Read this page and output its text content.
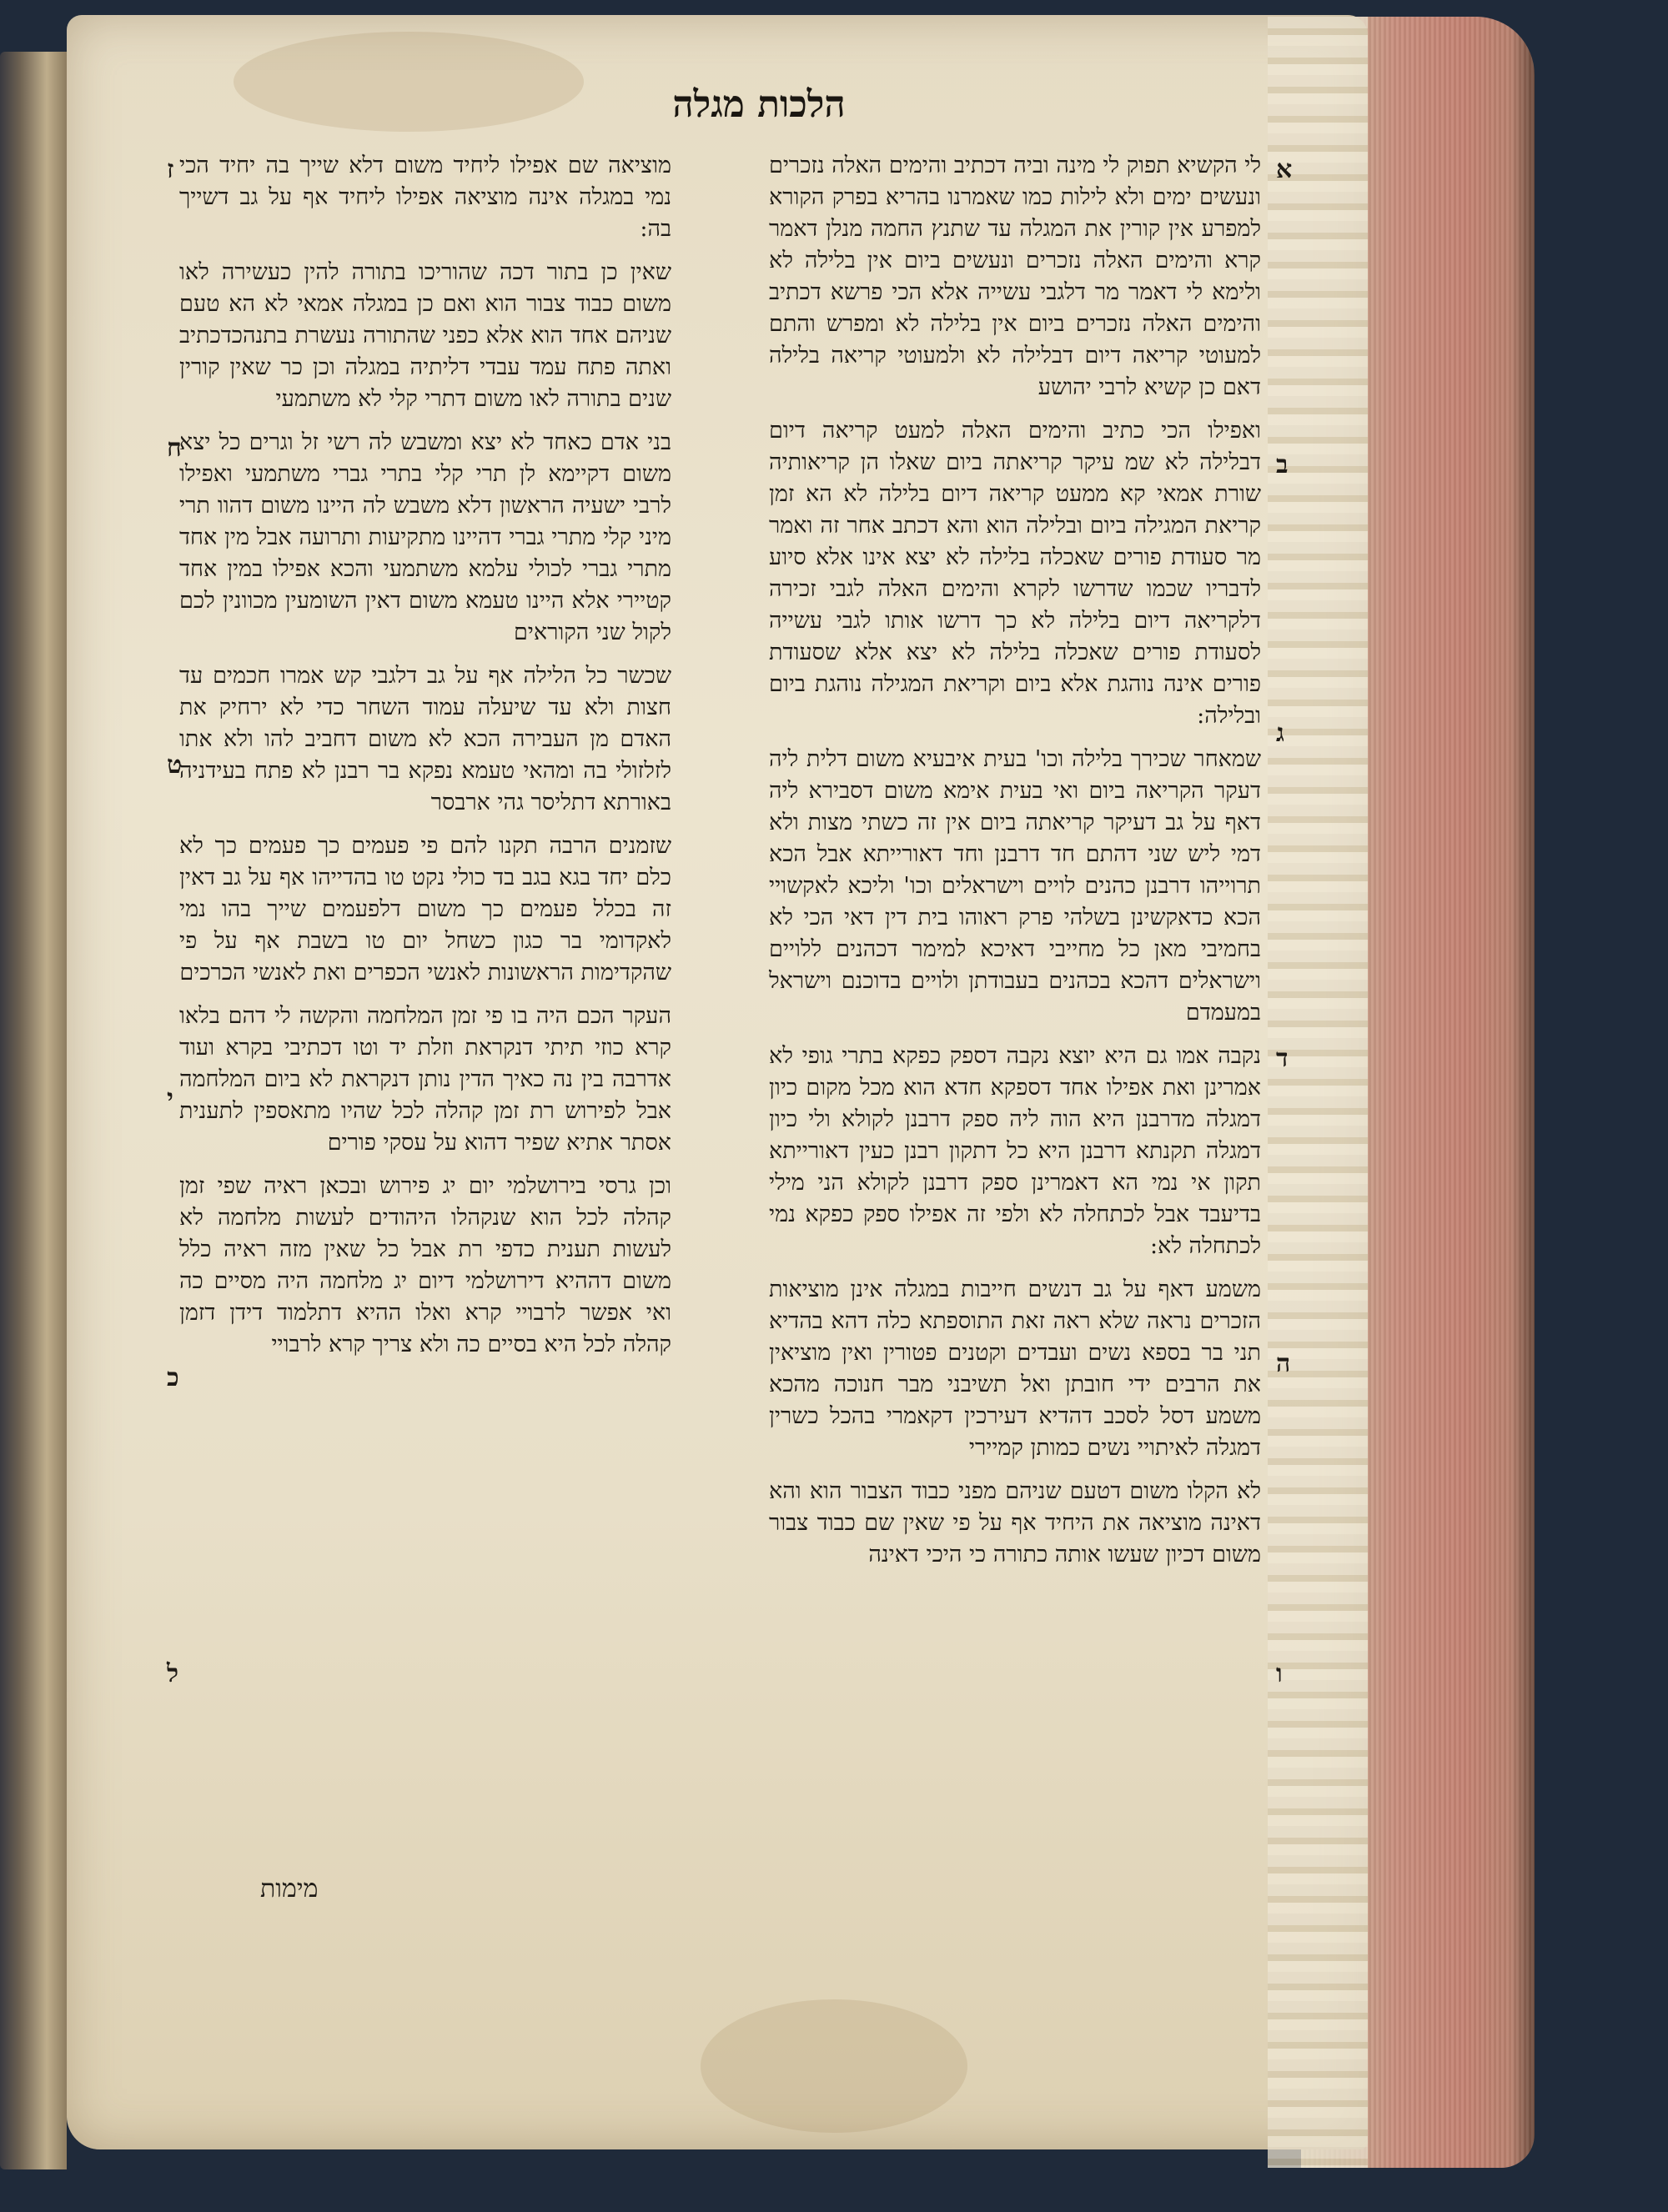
הלכות מגלה

לי הקשיא תפוק לי מינה וביה דכתיב והימים האלה נזכרים ונעשים ימים ולא לילות כמו שאמרנו בהריא בפרק הקורא למפרע אין קורין את המגלה עד שתנץ החמה מנלן דאמר קרא והימים האלה נזכרים ונעשים ביום אין בלילה לא ולימא לי דאמר מר דלגבי עשייה אלא הכי פרשא דכתיב והימים האלה נזכרים ביום אין בלילה לא ומפרש והתם למעוטי קריאה דיום דבלילה לא ולמעוטי קריאה בלילה דאם כן קשיא לרבי יהושע

ואפילו הכי כתיב והימים האלה למעט קריאה דיום דבלילה לא שמ עיקר קריאתה ביום שאלו הן קריאותיה שורת אמאי קא ממעט קריאה דיום בלילה לא הא זמן קריאת המגילה ביום ובלילה הוא והא דכתב אחר זה ואמר מר סעודת פורים שאכלה בלילה לא יצא אינו אלא סיוע לדבריו שכמו שדרשו לקרא והימים האלה לגבי זכירה דלקריאה דיום בלילה לא כך דרשו אותו לגבי עשייה לסעודת פורים שאכלה בלילה לא יצא אלא שסעודת פורים אינה נוהגת אלא ביום וקריאת המגילה נוהגת ביום ובלילה:

שמאחר שכירך בלילה וכו' בעית איבעיא משום דלית ליה דעקר הקריאה ביום ואי בעית אימא משום דסבירא ליה דאף על גב דעיקר קריאתה ביום אין זה כשתי מצות ולא דמי ליש שני דהתם חד דרבנן וחד דאורייתא אבל הכא תרוייהו דרבנן כהנים לויים וישראלים וכו' וליכא לאקשויי הכא כדאקשינן בשלהי פרק ראוהו בית דין דאי הכי לא בחמיבי מאן כל מחייבי דאיכא למימר דכהנים ללויים וישראלים דהכא בכהנים בעבודתן ולויים בדוכנם וישראל במעמדם

נקבה אמו גם היא יוצא נקבה דספק כפקא בתרי גופי לא אמרינן ואת אפילו אחד דספקא חדא הוא מכל מקום כיון דמגלה מדרבנן היא הוה ליה ספק דרבנן לקולא ולי כיון דמגלה תקנתא דרבנן היא כל דתקון רבנן כעין דאורייתא תקון אי נמי הא דאמרינן ספק דרבנן לקולא הני מילי בדיעבד אבל לכתחלה לא ולפי זה אפילו ספק כפקא נמי לכתחלה לא:

משמע דאף על גב דנשים חייבות במגלה אינן מוציאות הזכרים נראה שלא ראה זאת התוספתא כלה דהא בהדיא תני בר בספא נשים ועבדים וקטנים פטורין ואין מוציאין את הרבים ידי חובתן ואל תשיבני מבר חנוכה מהכא משמע דסל לסכב דהדיא דעירכין דקאמרי בהכל כשרין דמגלה לאיתויי נשים כמותן קמיירי

לא הקלו משום דטעם שניהם מפני כבוד הצבור הוא והא דאינה מוציאה את היחיד אף על פי שאין שם כבוד צבור משום דכיון שעשו אותה כתורה כי היכי דאינה

מוציאה שם אפילו ליחיד משום דלא שייך בה יחיד הכי נמי במגלה אינה מוציאה אפילו ליחיד אף על גב דשייך בה:

שאין כן בתור דכה שהוריכו בתורה להין כעשירה לאו משום כבוד צבור הוא ואם כן במגלה אמאי לא הא טעם שניהם אחד הוא אלא כפני שהתורה נעשרת בתנהכדכתיב ואתה פתח עמד עבדי דליתיה במגלה וכן כר שאין קורין שנים בתורה לאו משום דתרי קלי לא משתמעי

בני אדם כאחד לא יצא ומשבש לה רשי זל וגרים כל יצא משום דקיימא לן תרי קלי בתרי גברי משתמעי ואפילו לרבי ישעיה הראשון דלא משבש לה היינו משום דהוו תרי מיני קלי מתרי גברי דהיינו מתקיעות ותרועה אבל מין אחד מתרי גברי לכולי עלמא משתמעי והכא אפילו במין אחד קטיירי אלא היינו טעמא משום דאין השומעין מכוונין לכם לקול שני הקוראים

שכשר כל הלילה אף על גב דלגבי קש אמרו חכמים עד חצות ולא עד שיעלה עמוד השחר כדי לא ירחיק את האדם מן העבירה הכא לא משום דחביב להו ולא אתו לזלזולי בה ומהאי טעמא נפקא בר רבנן לא פתח בעידניה באורתא דתליסר גהי ארבסר

שזמנים הרבה תקנו להם פי פעמים כך פעמים כך לא כלם יחד בגא בגב בד כולי נקט טו בהדייהו אף על גב דאין זה בכלל פעמים כך משום דלפעמים שייך בהו נמי לאקדומי בר כגון כשחל יום טו בשבת אף על פי שהקדימות הראשונות לאנשי הכפרים ואת לאנשי הכרכים

העקר הכם היה בו פי זמן המלחמה והקשה לי דהם בלאו קרא כוזי תיתי דנקראת וזלת יד וטו דכתיבי בקרא ועוד אדרבה בין נה כאיך הדין נותן דנקראת לא ביום המלחמה אבל לפירוש רת זמן קהלה לכל שהיו מתאספין לתענית אסתר אתיא שפיר דהוא על עסקי פורים

וכן גרסי בירושלמי יום יג פירוש ובכאן ראיה שפי זמן קהלה לכל הוא שנקהלו היהודים לעשות מלחמה לא לעשות תענית כדפי רת אבל כל שאין מזה ראיה כלל משום דההיא דירושלמי דיום יג מלחמה היה מסיים כה ואי אפשר לרבויי קרא ואלו ההיא דתלמוד דידן דזמן קהלה לכל היא בסיים כה ולא צריך קרא לרבויי

א
ב
ג
ד
ה
ו
ז
ח
ט
י
כ
ל
מימות
